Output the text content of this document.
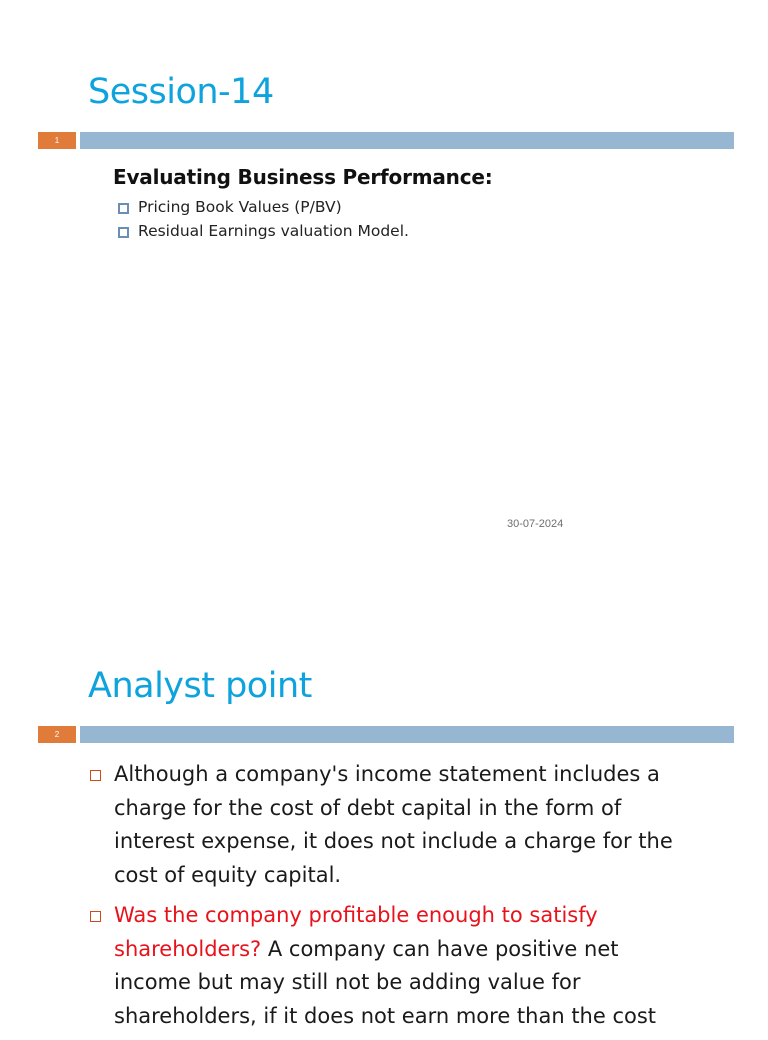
Session-14
1
Evaluating Business Performance:
Pricing Book Values (P/BV)
Residual Earnings valuation Model.
30-07-2024
Analyst point
2
Although a company's income statement includes a charge for the cost of debt capital in the form of interest expense, it does not include a charge for the cost of equity capital.
Was the company profitable enough to satisfy shareholders? A company can have positive net income but may still not be adding value for shareholders, if it does not earn more than the cost
